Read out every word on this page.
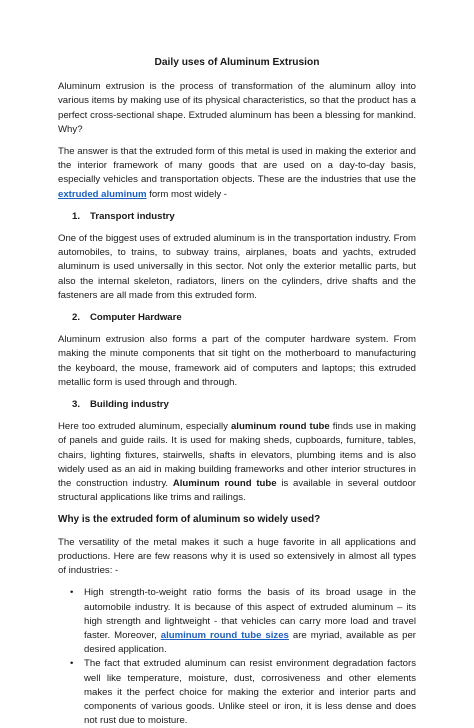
Daily uses of Aluminum Extrusion

Aluminum extrusion is the process of transformation of the aluminum alloy into various items by making use of its physical characteristics, so that the product has a perfect cross-sectional shape. Extruded aluminum has been a blessing for mankind. Why?

The answer is that the extruded form of this metal is used in making the exterior and the interior framework of many goods that are used on a day-to-day basis, especially vehicles and transportation objects. These are the industries that use the extruded aluminum form most widely -

1.	Transport industry

One of the biggest uses of extruded aluminum is in the transportation industry. From automobiles, to trains, to subway trains, airplanes, boats and yachts, extruded aluminum is used universally in this sector. Not only the exterior metallic parts, but also the internal skeleton, radiators, liners on the cylinders, drive shafts and the fasteners are all made from this extruded form.

2.	Computer Hardware

Aluminum extrusion also forms a part of the computer hardware system. From making the minute components that sit tight on the motherboard to manufacturing the keyboard, the mouse, framework aid of computers and laptops; this extruded metallic form is used through and through.

3.	Building industry

Here too extruded aluminum, especially aluminum round tube finds use in making of panels and guide rails. It is used for making sheds, cupboards, furniture, tables, chairs, lighting fixtures, stairwells, shafts in elevators, plumbing items and is also widely used as an aid in making building frameworks and other interior structures in the construction industry. Aluminum round tube is available in several outdoor structural applications like trims and railings.

Why is the extruded form of aluminum so widely used?

The versatility of the metal makes it such a huge favorite in all applications and productions. Here are few reasons why it is used so extensively in almost all types of industries: -

• High strength-to-weight ratio forms the basis of its broad usage in the automobile industry. It is because of this aspect of extruded aluminum – its high strength and lightweight - that vehicles can carry more load and travel faster. Moreover, aluminum round tube sizes are myriad, available as per desired application.
• The fact that extruded aluminum can resist environment degradation factors well like temperature, moisture, dust, corrosiveness and other elements makes it the perfect choice for making the exterior and interior parts and components of various goods. Unlike steel or iron, it is less dense and does not rust due to moisture.
